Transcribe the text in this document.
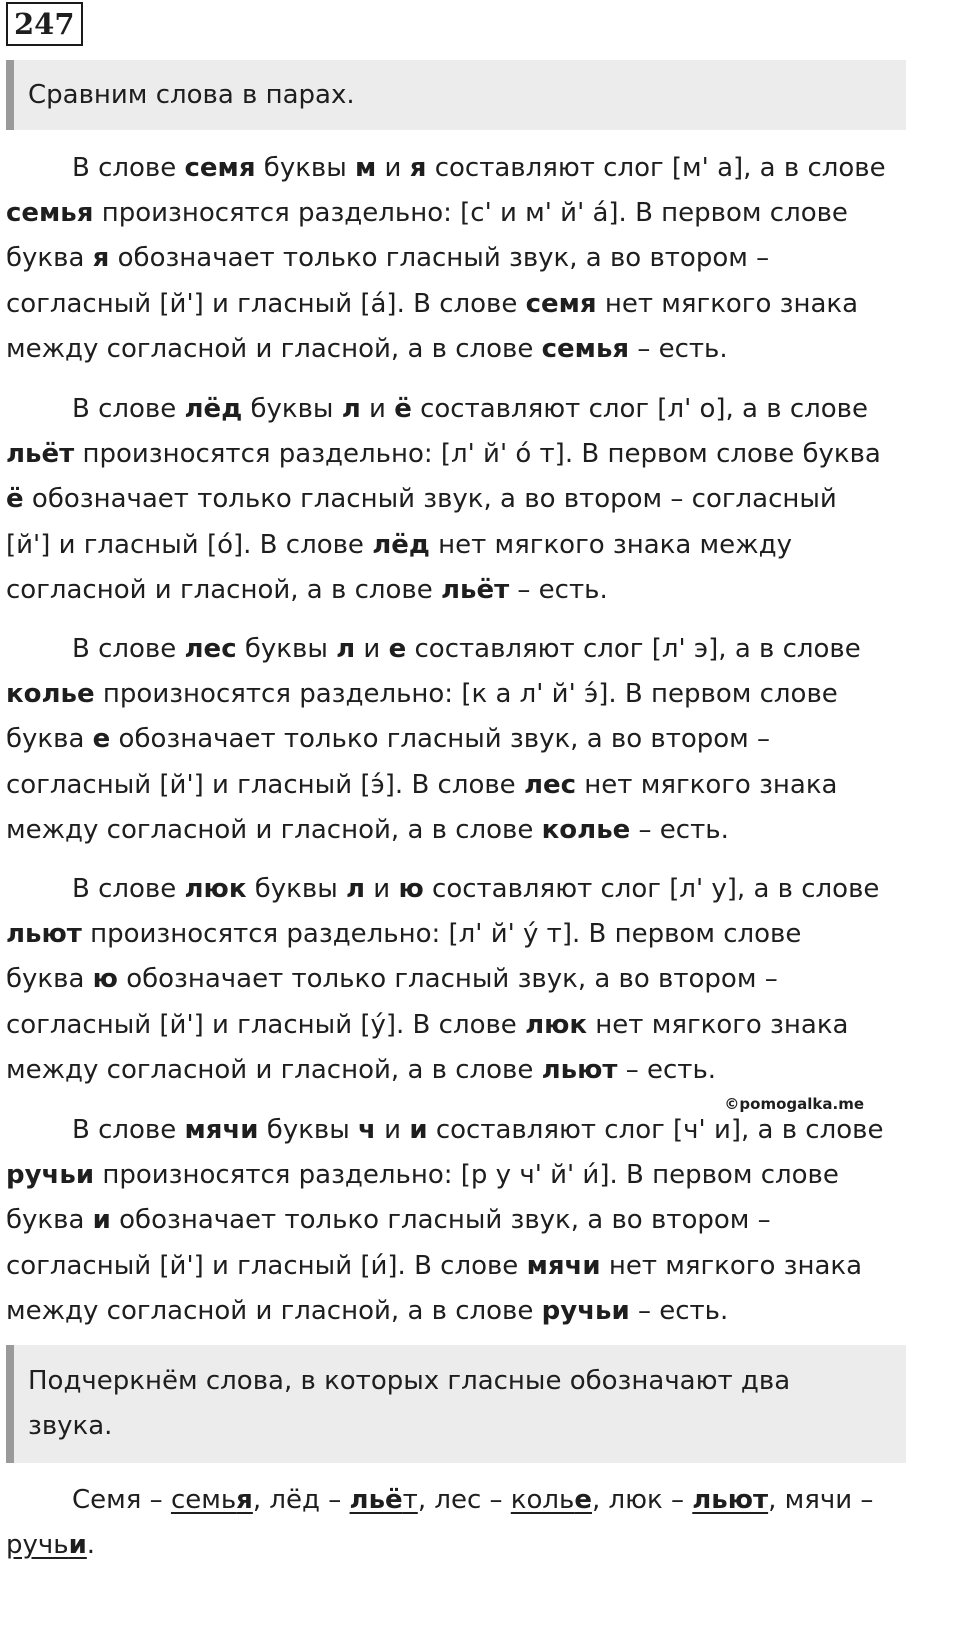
247
Сравним слова в парах.
В слове семя буквы м и я составляют слог [м' а], а в слове
семья произносятся раздельно: [с' и м' й' а́]. В первом слове
буква я обозначает только гласный звук, а во втором –
согласный [й'] и гласный [а́]. В слове семя нет мягкого знака
между согласной и гласной, а в слове семья – есть.
В слове лёд буквы л и ё составляют слог [л' о], а в слове
льёт произносятся раздельно: [л' й' о́ т]. В первом слове буква
ё обозначает только гласный звук, а во втором – согласный
[й'] и гласный [о́]. В слове лёд нет мягкого знака между
согласной и гласной, а в слове льёт – есть.
В слове лес буквы л и е составляют слог [л' э], а в слове
колье произносятся раздельно: [к а л' й' э́]. В первом слове
буква е обозначает только гласный звук, а во втором –
согласный [й'] и гласный [э́]. В слове лес нет мягкого знака
между согласной и гласной, а в слове колье – есть.
В слове люк буквы л и ю составляют слог [л' у], а в слове
льют произносятся раздельно: [л' й' у́ т]. В первом слове
буква ю обозначает только гласный звук, а во втором –
согласный [й'] и гласный [у́]. В слове люк нет мягкого знака
между согласной и гласной, а в слове льют – есть.
©pomogalka.me
В слове мячи буквы ч и и составляют слог [ч' и], а в слове
ручьи произносятся раздельно: [р у ч' й' и́]. В первом слове
буква и обозначает только гласный звук, а во втором –
согласный [й'] и гласный [и́]. В слове мячи нет мягкого знака
между согласной и гласной, а в слове ручьи – есть.
Подчеркнём слова, в которых гласные обозначают два
звука.
Семя – семья, лёд – льёт, лес – колье, люк – льют, мячи –
ручьи.
